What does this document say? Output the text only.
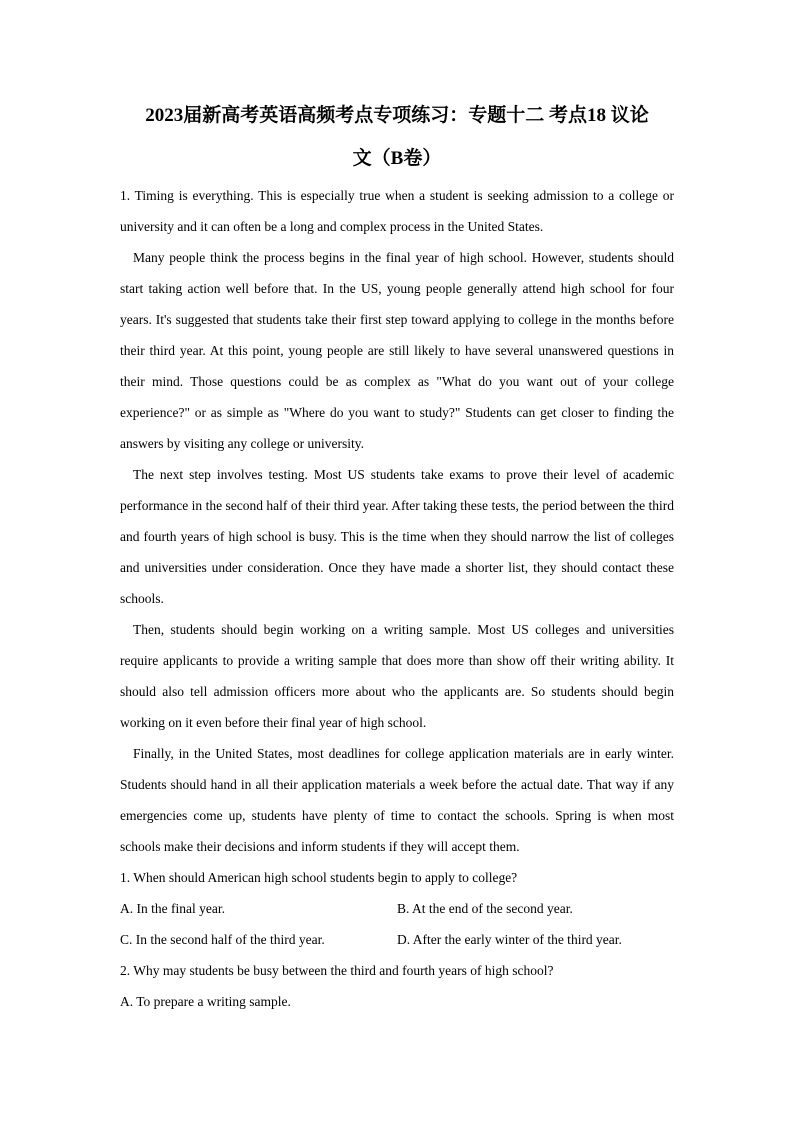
2023届新高考英语高频考点专项练习：专题十二 考点18 议论
文（B卷）

1. Timing is everything. This is especially true when a student is seeking admission to a college or university and it can often be a long and complex process in the United States.

Many people think the process begins in the final year of high school. However, students should start taking action well before that. In the US, young people generally attend high school for four years. It's suggested that students take their first step toward applying to college in the months before their third year. At this point, young people are still likely to have several unanswered questions in their mind. Those questions could be as complex as "What do you want out of your college experience?" or as simple as "Where do you want to study?" Students can get closer to finding the answers by visiting any college or university.

The next step involves testing. Most US students take exams to prove their level of academic performance in the second half of their third year. After taking these tests, the period between the third and fourth years of high school is busy. This is the time when they should narrow the list of colleges and universities under consideration. Once they have made a shorter list, they should contact these schools.

Then, students should begin working on a writing sample. Most US colleges and universities require applicants to provide a writing sample that does more than show off their writing ability. It should also tell admission officers more about who the applicants are. So students should begin working on it even before their final year of high school.

Finally, in the United States, most deadlines for college application materials are in early winter. Students should hand in all their application materials a week before the actual date. That way if any emergencies come up, students have plenty of time to contact the schools. Spring is when most schools make their decisions and inform students if they will accept them.

1. When should American high school students begin to apply to college?

A. In the final year.	B. At the end of the second year.
C. In the second half of the third year.	D. After the early winter of the third year.

2. Why may students be busy between the third and fourth years of high school?

A. To prepare a writing sample.
